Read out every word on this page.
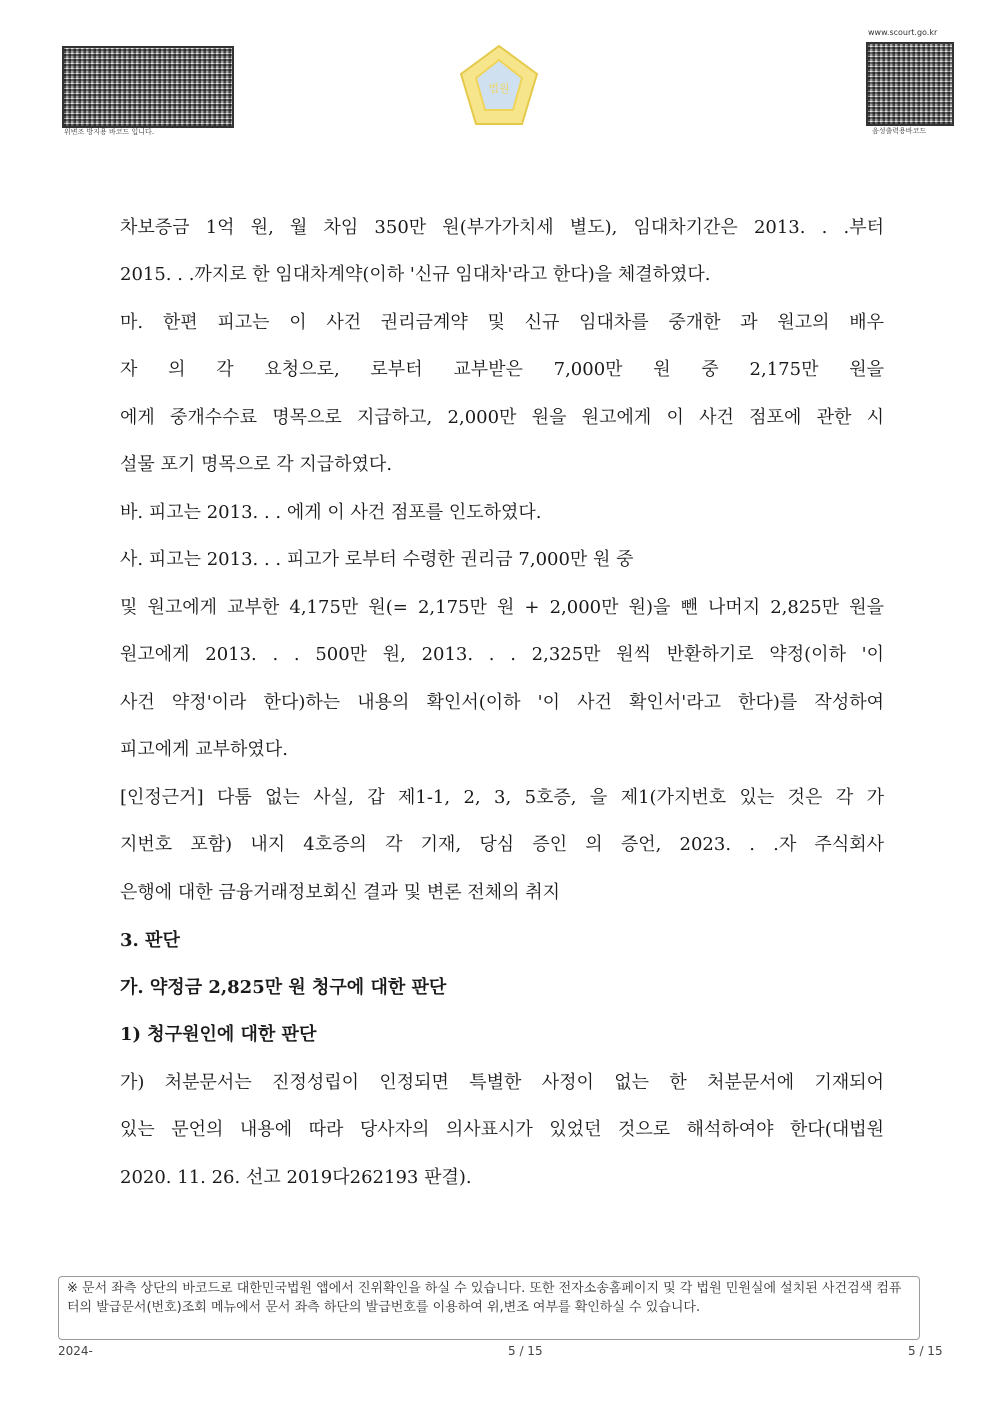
www.scourt.go.kr
위변조 방지용 바코드 입니다.
법원
음성출력용바코드
차보증금 1억 원, 월 차임 350만 원(부가가치세 별도), 임대차기간은 2013. . .부터
2015. . .까지로 한 임대차계약(이하 '신규 임대차'라고 한다)을 체결하였다.
마. 한편 피고는 이 사건 권리금계약 및 신규 임대차를 중개한 과 원고의 배우
자 의 각 요청으로, 로부터 교부받은 7,000만 원 중 2,175만 원을
에게 중개수수료 명목으로 지급하고, 2,000만 원을 원고에게 이 사건 점포에 관한 시
설물 포기 명목으로 각 지급하였다.
바. 피고는 2013. . . 에게 이 사건 점포를 인도하였다.
사. 피고는 2013. . . 피고가 로부터 수령한 권리금 7,000만 원 중
및 원고에게 교부한 4,175만 원(= 2,175만 원 + 2,000만 원)을 뺀 나머지 2,825만 원을
원고에게 2013. . . 500만 원, 2013. . . 2,325만 원씩 반환하기로 약정(이하 '이
사건 약정'이라 한다)하는 내용의 확인서(이하 '이 사건 확인서'라고 한다)를 작성하여
피고에게 교부하였다.
[인정근거] 다툼 없는 사실, 갑 제1-1, 2, 3, 5호증, 을 제1(가지번호 있는 것은 각 가
지번호 포함) 내지 4호증의 각 기재, 당심 증인 의 증언, 2023. . .자 주식회사
은행에 대한 금융거래정보회신 결과 및 변론 전체의 취지
3. 판단
가. 약정금 2,825만 원 청구에 대한 판단
1) 청구원인에 대한 판단
가) 처분문서는 진정성립이 인정되면 특별한 사정이 없는 한 처분문서에 기재되어
있는 문언의 내용에 따라 당사자의 의사표시가 있었던 것으로 해석하여야 한다(대법원
2020. 11. 26. 선고 2019다262193 판결).
※ 문서 좌측 상단의 바코드로 대한민국법원 앱에서 진위확인을 하실 수 있습니다. 또한 전자소송홈페이지 및 각 법원 민원실에 설치된 사건검색 컴퓨터의 발급문서(번호)조회 메뉴에서 문서 좌측 하단의 발급번호를 이용하여 위,변조 여부를 확인하실 수 있습니다.
2024-	5 / 15	5 / 15
